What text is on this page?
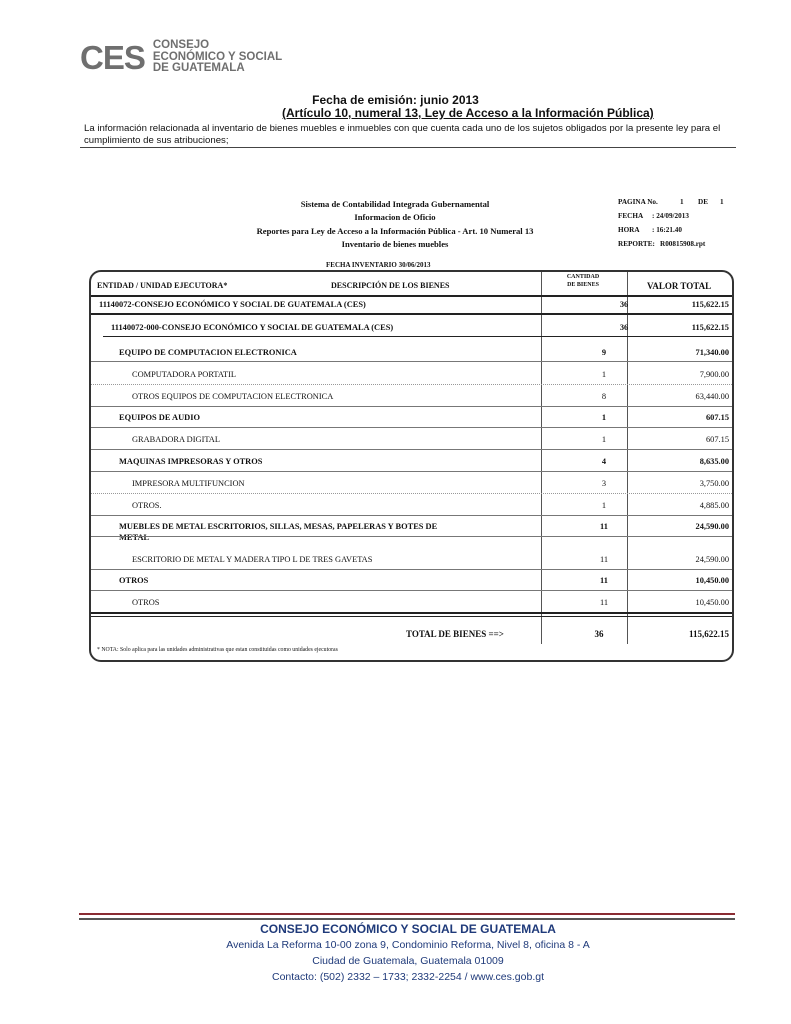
CES CONSEJO
ECONÓMICO Y SOCIAL
DE GUATEMALA
Fecha de emisión: junio 2013
(Artículo 10, numeral 13, Ley de Acceso a la Información Pública)
La información relacionada al inventario de bienes muebles e inmuebles con que cuenta cada uno de los sujetos obligados por la presente ley para el cumplimiento de sus atribuciones;
Sistema de Contabilidad Integrada Gubernamental
Informacion de Oficio
Reportes para Ley de Acceso a la Información Pública - Art. 10 Numeral 13
Inventario de bienes muebles
PAGINA No.	1 DE 1
FECHA : 24/09/2013
HORA : 16:21.40
REPORTE: R00815908.rpt
FECHA INVENTARIO 30/06/2013
ENTIDAD / UNIDAD EJECUTORA*	DESCRIPCIÓN DE LOS BIENES
CANTIDAD
DE BIENES	VALOR TOTAL
11140072-CONSEJO ECONÓMICO Y SOCIAL DE GUATEMALA (CES)	36	115,622.15
11140072-000-CONSEJO ECONÓMICO Y SOCIAL DE GUATEMALA (CES)	36	115,622.15
EQUIPO DE COMPUTACION ELECTRONICA	9	71,340.00
COMPUTADORA PORTATIL	1	7,900.00
OTROS EQUIPOS DE COMPUTACION ELECTRONICA	8	63,440.00
EQUIPOS DE AUDIO	1	607.15
GRABADORA DIGITAL	1	607.15
MAQUINAS IMPRESORAS Y OTROS	4	8,635.00
IMPRESORA MULTIFUNCION	3	3,750.00
OTROS.	1	4,885.00
MUEBLES DE METAL ESCRITORIOS, SILLAS, MESAS, PAPELERAS Y BOTES DE
METAL
11	24,590.00
ESCRITORIO DE METAL Y MADERA TIPO L DE TRES GAVETAS	11	24,590.00
OTROS	11	10,450.00
OTROS	11	10,450.00
TOTAL DE BIENES ==>	36	115,622.15
* NOTA: Solo aplica para las unidades administrativas que estan constituidas como unidades ejecutoras
CONSEJO ECONÓMICO Y SOCIAL DE GUATEMALA
Avenida La Reforma 10-00 zona 9, Condominio Reforma, Nivel 8, oficina 8 - A
Ciudad de Guatemala, Guatemala 01009
Contacto: (502) 2332 – 1733; 2332-2254 / www.ces.gob.gt
